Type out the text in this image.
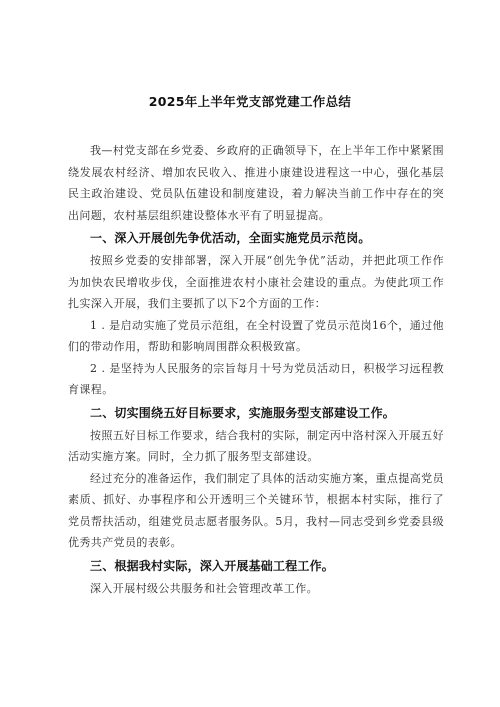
2025年上半年党支部党建工作总结

我—村党支部在乡党委、乡政府的正确领导下，在上半年工作中紧紧围绕发展农村经济、增加农民收入、推进小康建设进程这一中心，强化基层民主政治建设、党员队伍建设和制度建设，着力解决当前工作中存在的突出问题，农村基层组织建设整体水平有了明显提高。

一、深入开展创先争优活动，全面实施党员示范岗。

按照乡党委的安排部署，深入开展“创先争优”活动，并把此项工作作为加快农民增收步伐，全面推进农村小康社会建设的重点。为使此项工作扎实深入开展，我们主要抓了以下2个方面的工作：

1 . 是启动实施了党员示范组，在全村设置了党员示范岗16个，通过他们的带动作用，帮助和影响周围群众积极致富。

2 . 是坚持为人民服务的宗旨每月十号为党员活动日，积极学习远程教育课程。

二、切实围绕五好目标要求，实施服务型支部建设工作。

按照五好目标工作要求，结合我村的实际，制定丙中洛村深入开展五好活动实施方案。同时，全力抓了服务型支部建设。

经过充分的准备运作，我们制定了具体的活动实施方案，重点提高党员素质、抓好、办事程序和公开透明三个关键环节，根据本村实际，推行了党员帮扶活动，组建党员志愿者服务队。5月，我村—同志受到乡党委县级优秀共产党员的表彰。

三、根据我村实际，深入开展基础工程工作。

深入开展村级公共服务和社会管理改革工作。
